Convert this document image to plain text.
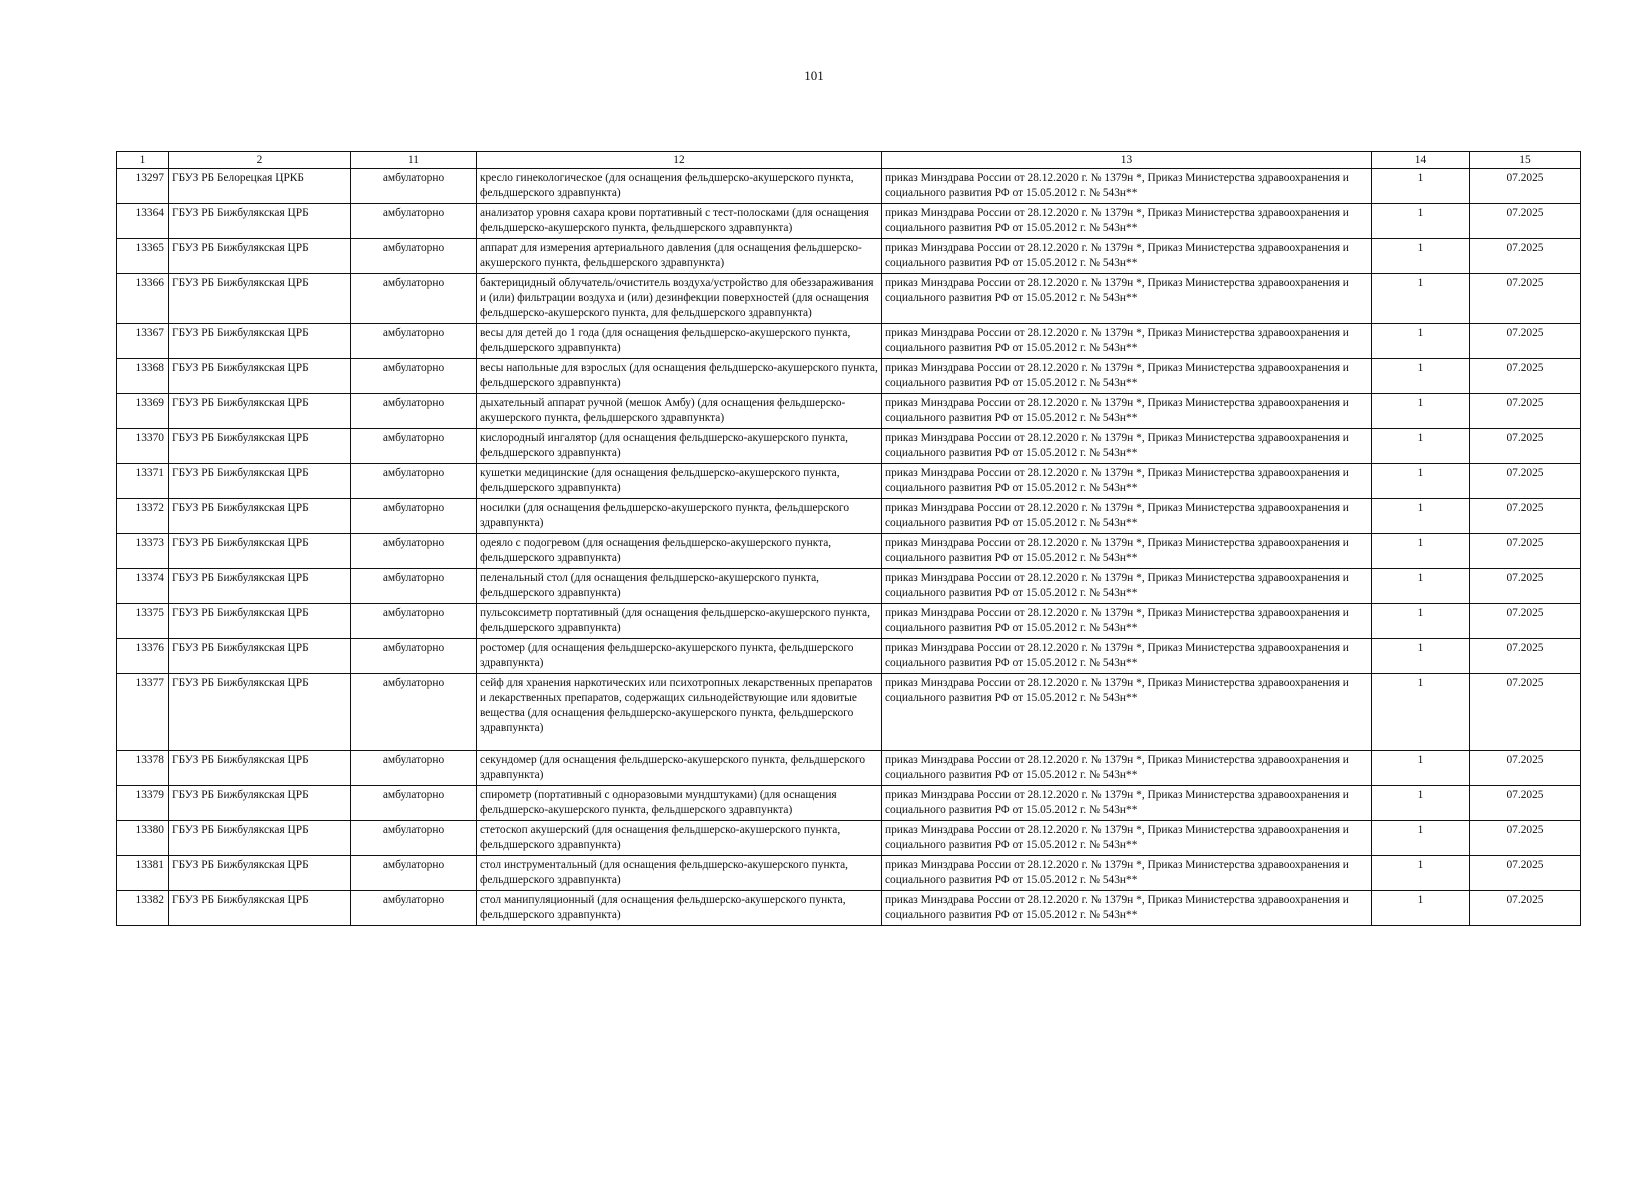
101
1	2	11	12	13	14	15
13297	ГБУЗ РБ Белорецкая ЦРКБ	амбулаторно	кресло гинекологическое (для оснащения фельдшерско-акушерского пункта, фельдшерского здравпункта)	приказ Минздрава России от 28.12.2020 г. № 1379н *, Приказ Министерства здравоохранения и социального развития РФ от 15.05.2012 г. № 543н**	1	07.2025
13364	ГБУЗ РБ Бижбулякская ЦРБ	амбулаторно	анализатор уровня сахара крови портативный с тест-полосками (для оснащения фельдшерско-акушерского пункта, фельдшерского здравпункта)	приказ Минздрава России от 28.12.2020 г. № 1379н *, Приказ Министерства здравоохранения и социального развития РФ от 15.05.2012 г. № 543н**	1	07.2025
13365	ГБУЗ РБ Бижбулякская ЦРБ	амбулаторно	аппарат для измерения артериального давления (для оснащения фельдшерско-акушерского пункта, фельдшерского здравпункта)	приказ Минздрава России от 28.12.2020 г. № 1379н *, Приказ Министерства здравоохранения и социального развития РФ от 15.05.2012 г. № 543н**	1	07.2025
13366	ГБУЗ РБ Бижбулякская ЦРБ	амбулаторно	бактерицидный облучатель/очиститель воздуха/устройство для обеззараживания и (или) фильтрации воздуха и (или) дезинфекции поверхностей (для оснащения фельдшерско-акушерского пункта, для фельдшерского здравпункта)	приказ Минздрава России от 28.12.2020 г. № 1379н *, Приказ Министерства здравоохранения и социального развития РФ от 15.05.2012 г. № 543н**	1	07.2025
13367	ГБУЗ РБ Бижбулякская ЦРБ	амбулаторно	весы для детей до 1 года (для оснащения фельдшерско-акушерского пункта, фельдшерского здравпункта)	приказ Минздрава России от 28.12.2020 г. № 1379н *, Приказ Министерства здравоохранения и социального развития РФ от 15.05.2012 г. № 543н**	1	07.2025
13368	ГБУЗ РБ Бижбулякская ЦРБ	амбулаторно	весы напольные для взрослых (для оснащения фельдшерско-акушерского пункта, фельдшерского здравпункта)	приказ Минздрава России от 28.12.2020 г. № 1379н *, Приказ Министерства здравоохранения и социального развития РФ от 15.05.2012 г. № 543н**	1	07.2025
13369	ГБУЗ РБ Бижбулякская ЦРБ	амбулаторно	дыхательный аппарат ручной (мешок Амбу) (для оснащения фельдшерско-акушерского пункта, фельдшерского здравпункта)	приказ Минздрава России от 28.12.2020 г. № 1379н *, Приказ Министерства здравоохранения и социального развития РФ от 15.05.2012 г. № 543н**	1	07.2025
13370	ГБУЗ РБ Бижбулякская ЦРБ	амбулаторно	кислородный ингалятор (для оснащения фельдшерско-акушерского пункта, фельдшерского здравпункта)	приказ Минздрава России от 28.12.2020 г. № 1379н *, Приказ Министерства здравоохранения и социального развития РФ от 15.05.2012 г. № 543н**	1	07.2025
13371	ГБУЗ РБ Бижбулякская ЦРБ	амбулаторно	кушетки медицинские (для оснащения фельдшерско-акушерского пункта, фельдшерского здравпункта)	приказ Минздрава России от 28.12.2020 г. № 1379н *, Приказ Министерства здравоохранения и социального развития РФ от 15.05.2012 г. № 543н**	1	07.2025
13372	ГБУЗ РБ Бижбулякская ЦРБ	амбулаторно	носилки (для оснащения фельдшерско-акушерского пункта, фельдшерского здравпункта)	приказ Минздрава России от 28.12.2020 г. № 1379н *, Приказ Министерства здравоохранения и социального развития РФ от 15.05.2012 г. № 543н**	1	07.2025
13373	ГБУЗ РБ Бижбулякская ЦРБ	амбулаторно	одеяло с подогревом (для оснащения фельдшерско-акушерского пункта, фельдшерского здравпункта)	приказ Минздрава России от 28.12.2020 г. № 1379н *, Приказ Министерства здравоохранения и социального развития РФ от 15.05.2012 г. № 543н**	1	07.2025
13374	ГБУЗ РБ Бижбулякская ЦРБ	амбулаторно	пеленальный стол (для оснащения фельдшерско-акушерского пункта, фельдшерского здравпункта)	приказ Минздрава России от 28.12.2020 г. № 1379н *, Приказ Министерства здравоохранения и социального развития РФ от 15.05.2012 г. № 543н**	1	07.2025
13375	ГБУЗ РБ Бижбулякская ЦРБ	амбулаторно	пульсоксиметр портативный (для оснащения фельдшерско-акушерского пункта, фельдшерского здравпункта)	приказ Минздрава России от 28.12.2020 г. № 1379н *, Приказ Министерства здравоохранения и социального развития РФ от 15.05.2012 г. № 543н**	1	07.2025
13376	ГБУЗ РБ Бижбулякская ЦРБ	амбулаторно	ростомер (для оснащения фельдшерско-акушерского пункта, фельдшерского здравпункта)	приказ Минздрава России от 28.12.2020 г. № 1379н *, Приказ Министерства здравоохранения и социального развития РФ от 15.05.2012 г. № 543н**	1	07.2025
13377	ГБУЗ РБ Бижбулякская ЦРБ	амбулаторно	сейф для хранения наркотических или психотропных лекарственных препаратов и лекарственных препаратов, содержащих сильнодействующие или ядовитые вещества (для оснащения фельдшерско-акушерского пункта, фельдшерского здравпункта)	приказ Минздрава России от 28.12.2020 г. № 1379н *, Приказ Министерства здравоохранения и социального развития РФ от 15.05.2012 г. № 543н**	1	07.2025
13378	ГБУЗ РБ Бижбулякская ЦРБ	амбулаторно	секундомер (для оснащения фельдшерско-акушерского пункта, фельдшерского здравпункта)	приказ Минздрава России от 28.12.2020 г. № 1379н *, Приказ Министерства здравоохранения и социального развития РФ от 15.05.2012 г. № 543н**	1	07.2025
13379	ГБУЗ РБ Бижбулякская ЦРБ	амбулаторно	спирометр (портативный с одноразовыми мундштуками) (для оснащения фельдшерско-акушерского пункта, фельдшерского здравпункта)	приказ Минздрава России от 28.12.2020 г. № 1379н *, Приказ Министерства здравоохранения и социального развития РФ от 15.05.2012 г. № 543н**	1	07.2025
13380	ГБУЗ РБ Бижбулякская ЦРБ	амбулаторно	стетоскоп акушерский (для оснащения фельдшерско-акушерского пункта, фельдшерского здравпункта)	приказ Минздрава России от 28.12.2020 г. № 1379н *, Приказ Министерства здравоохранения и социального развития РФ от 15.05.2012 г. № 543н**	1	07.2025
13381	ГБУЗ РБ Бижбулякская ЦРБ	амбулаторно	стол инструментальный (для оснащения фельдшерско-акушерского пункта, фельдшерского здравпункта)	приказ Минздрава России от 28.12.2020 г. № 1379н *, Приказ Министерства здравоохранения и социального развития РФ от 15.05.2012 г. № 543н**	1	07.2025
13382	ГБУЗ РБ Бижбулякская ЦРБ	амбулаторно	стол манипуляционный (для оснащения фельдшерско-акушерского пункта, фельдшерского здравпункта)	приказ Минздрава России от 28.12.2020 г. № 1379н *, Приказ Министерства здравоохранения и социального развития РФ от 15.05.2012 г. № 543н**	1	07.2025
